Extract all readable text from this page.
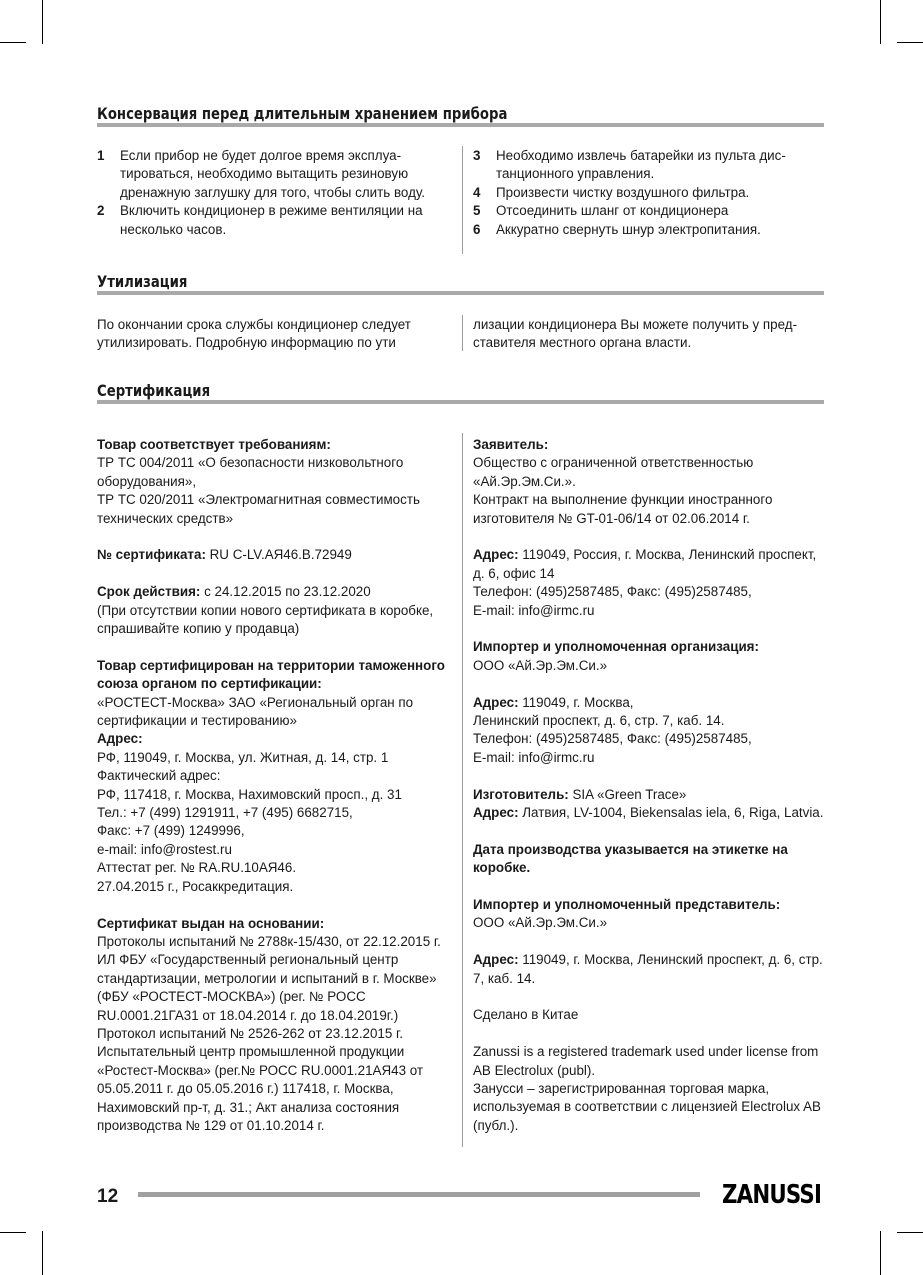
Консервация перед длительным хранением прибора
1	Если прибор не будет долгое время эксплуатироваться, необходимо вытащить резиновую дренажную заглушку для того, чтобы слить воду.
2	Включить кондиционер в режиме вентиляции на несколько часов.
3	Необходимо извлечь батарейки из пульта дистанционного управления.
4	Произвести чистку воздушного фильтра.
5	Отсоединить шланг от кондиционера
6	Аккуратно свернуть шнур электропитания.
Утилизация
По окончании срока службы кондиционер следует утилизировать. Подробную информацию по ути
лизации кондиционера Вы можете получить у представителя местного органа власти.
Сертификация

Товар соответствует требованиям:

ТР ТС 004/2011 «О безопасности низковольтного оборудования»,

ТР ТС 020/2011 «Электромагнитная совместимость технических средств»

№ сертификата: RU C-LV.АЯ46.В.72949

Срок действия: с 24.12.2015 по 23.12.2020

(При отсутствии копии нового сертификата в коробке, спрашивайте копию у продавца)

Товар сертифицирован на территории таможенного союза органом по сертификации:

«РОСТЕСТ-Москва» ЗАО «Региональный орган по сертификации и тестированию»

Адрес:

РФ, 119049, г. Москва, ул. Житная, д. 14, стр. 1

Фактический адрес:

РФ, 117418, г. Москва, Нахимовский просп., д. 31

Тел.: +7 (499) 1291911, +7 (495) 6682715,

Факс: +7 (499) 1249996,

e-mail: info@rostest.ru

Аттестат рег. № RA.RU.10АЯ46.

27.04.2015 г., Росаккредитация.

Сертификат выдан на основании:

Протоколы испытаний № 2788к-15/430, от 22.12.2015 г. ИЛ ФБУ «Государственный региональный центр стандартизации, метрологии и испытаний в г. Москве» (ФБУ «РОСТЕСТ-МОСКВА») (рег. № РОСС RU.0001.21ГА31 от 18.04.2014 г. до 18.04.2019г.) Протокол испытаний № 2526-262 от 23.12.2015 г. Испытательный центр промышленной продукции «Ростест-Москва» (рег.№ РОСС RU.0001.21АЯ43 от 05.05.2011 г. до 05.05.2016 г.) 117418, г. Москва, Нахимовский пр-т, д. 31.; Акт анализа состояния производства № 129 от 01.10.2014 г.

Заявитель:

Общество с ограниченной ответственностью «Ай.Эр.Эм.Си.».

Контракт на выполнение функции иностранного изготовителя № GT-01-06/14 от 02.06.2014 г.

Адрес: 119049, Россия, г. Москва, Ленинский проспект, д. 6, офис 14

Телефон: (495)2587485, Факс: (495)2587485,

E-mail: info@irmc.ru

Импортер и уполномоченная организация:

ООО «Ай.Эр.Эм.Си.»

Адрес: 119049, г. Москва,

Ленинский проспект, д. 6, стр. 7, каб. 14.

Телефон: (495)2587485, Факс: (495)2587485,

E-mail: info@irmc.ru

Изготовитель: SIA «Green Trace»

Адрес: Латвия, LV-1004, Biekensalas iela, 6, Riga, Latvia.

Дата производства указывается на этикетке на коробке.

Импортер и уполномоченный представитель:

ООО «Ай.Эр.Эм.Си.»

Адрес: 119049, г. Москва, Ленинский проспект, д. 6, стр. 7, каб. 14.

Сделано в Китае

Zanussi is a registered trademark used under license from AB Electrolux (publ).

Занусси – зарегистрированная торговая марка, используемая в соответствии с лицензией Electrolux AB (публ.).

12	ZANUSSI
